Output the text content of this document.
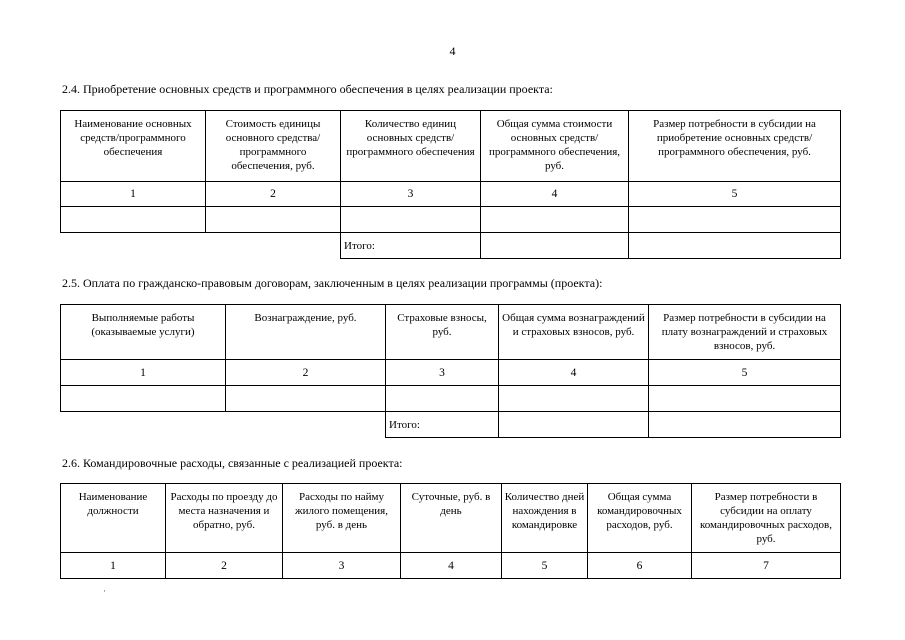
4
2.4. Приобретение основных средств и программного обеспечения в целях реализации проекта:
Наименование основных средств/программного обеспечения	Стоимость единицы основного средства/программного обеспечения, руб.	Количество единиц основных средств/программного обеспечения	Общая сумма стоимости основных средств/программного обеспечения, руб.	Размер потребности в субсидии на приобретение основных средств/программного обеспечения, руб.
1	2	3	4	5

		Итого:		
2.5. Оплата по гражданско-правовым договорам, заключенным в целях реализации программы (проекта):
Выполняемые работы (оказываемые услуги)	Вознаграждение, руб.	Страховые взносы, руб.	Общая сумма вознаграждений и страховых взносов, руб.	Размер потребности в субсидии на плату вознаграждений и страховых взносов, руб.
1	2	3	4	5

		Итого:		
2.6. Командировочные расходы, связанные с реализацией проекта:
Наименование должности	Расходы по проезду до места назначения и обратно, руб.	Расходы по найму жилого помещения, руб. в день	Суточные, руб. в день	Количество дней нахождения в командировке	Общая сумма командировочных расходов, руб.	Размер потребности в субсидии на оплату командировочных расходов, руб.
1	2	3	4	5	6	7
·
